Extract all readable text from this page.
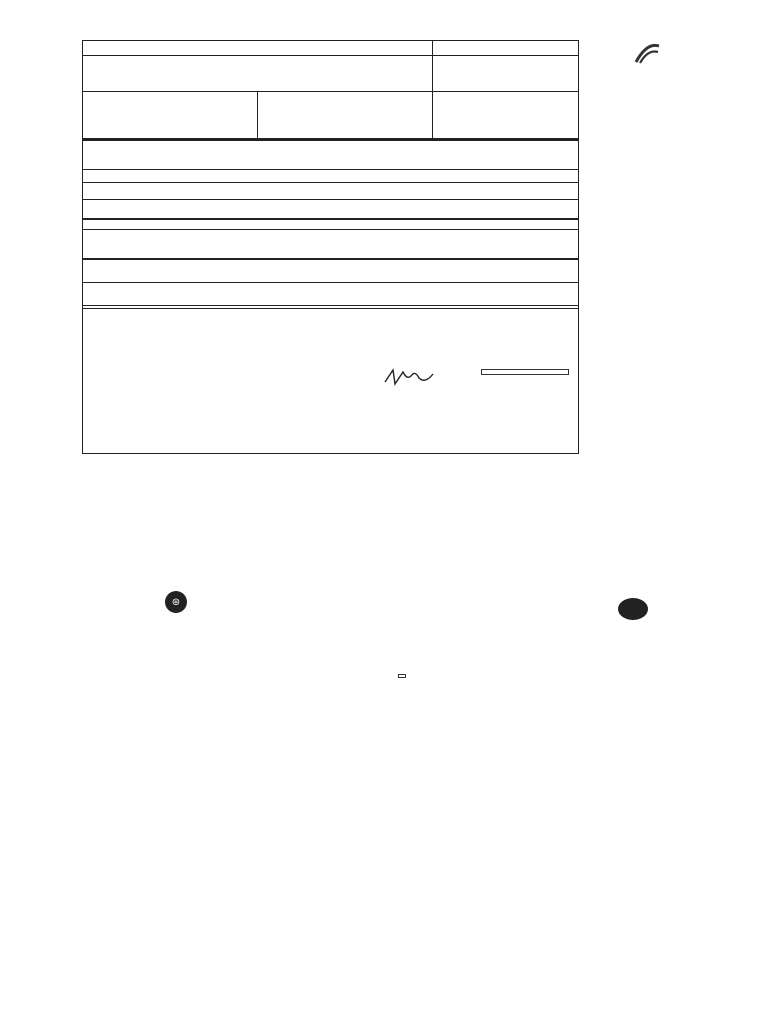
⊛
